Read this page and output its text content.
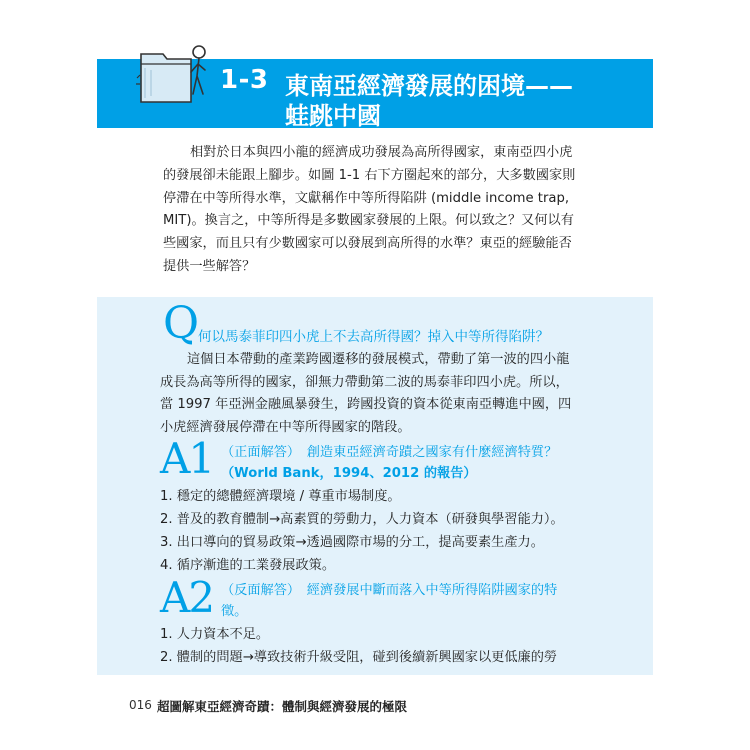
1-3 東南亞經濟發展的困境——
蛙跳中國
相對於日本與四小龍的經濟成功發展為高所得國家，東南亞四小虎
的發展卻未能跟上腳步。如圖 1-1 右下方圈起來的部分，大多數國家則
停滯在中等所得水準，文獻稱作中等所得陷阱 (middle income trap,
MIT)。換言之，中等所得是多數國家發展的上限。何以致之？又何以有
些國家，而且只有少數國家可以發展到高所得的水準？東亞的經驗能否
提供一些解答？
Q
何以馬泰菲印四小虎上不去高所得國？掉入中等所得陷阱？
這個日本帶動的產業跨國遷移的發展模式，帶動了第一波的四小龍
成長為高等所得的國家，卻無力帶動第二波的馬泰菲印四小虎。所以，
當 1997 年亞洲金融風暴發生，跨國投資的資本從東南亞轉進中國，四
小虎經濟發展停滯在中等所得國家的階段。
A1 （正面解答）　創造東亞經濟奇蹟之國家有什麼經濟特質？
（World Bank，1994、2012 的報告）
1. 穩定的總體經濟環境 / 尊重市場制度。
2. 普及的教育體制→高素質的勞動力，人力資本（研發與學習能力）。
3. 出口導向的貿易政策→透過國際市場的分工，提高要素生產力。
4. 循序漸進的工業發展政策。
A2 （反面解答）　經濟發展中斷而落入中等所得陷阱國家的特
徵。
1. 人力資本不足。
2. 體制的問題→導致技術升級受阻，碰到後續新興國家以更低廉的勞
016 超圖解東亞經濟奇蹟：體制與經濟發展的極限
